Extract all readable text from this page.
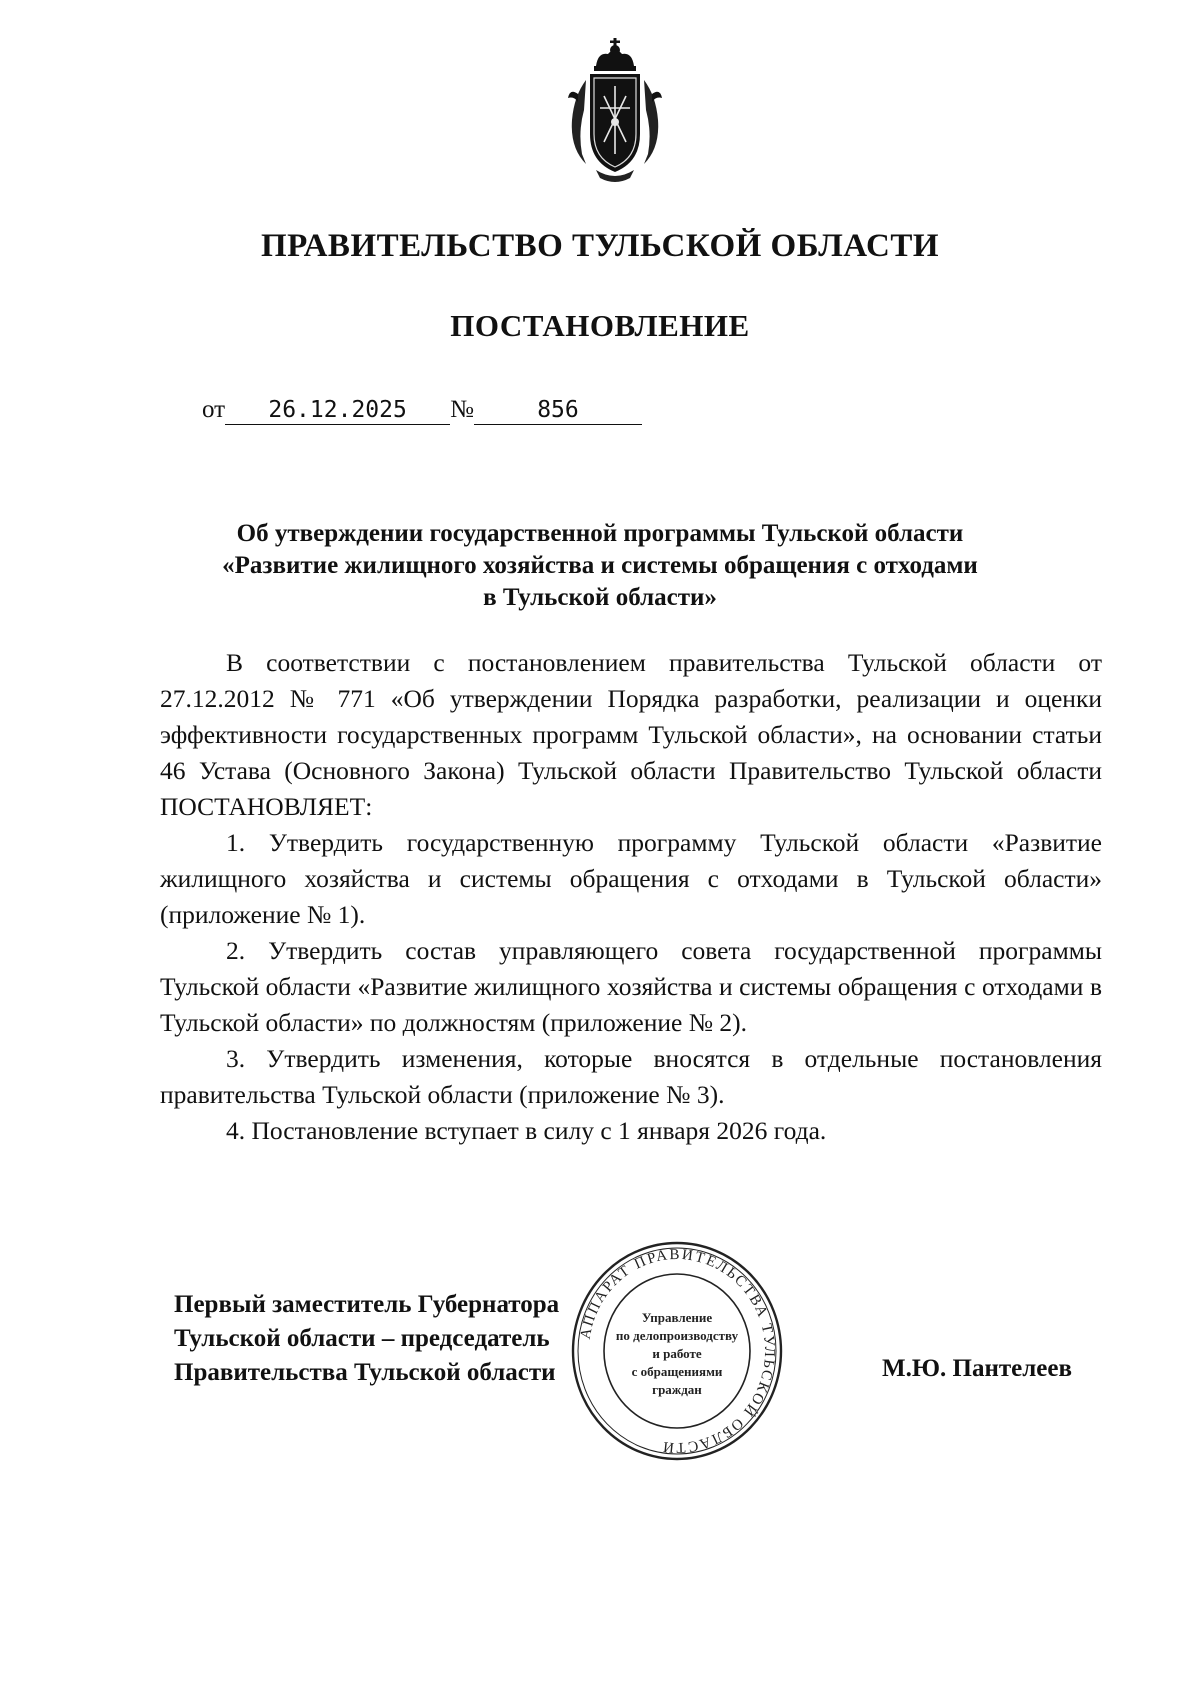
ПРАВИТЕЛЬСТВО ТУЛЬСКОЙ ОБЛАСТИ
ПОСТАНОВЛЕНИЕ
от 26.12.2025 №	856
Об утверждении государственной программы Тульской области
«Развитие жилищного хозяйства и системы обращения с отходами
в Тульской области»

В соответствии с постановлением правительства Тульской области от 27.12.2012 № 771 «Об утверждении Порядка разработки, реализации и оценки эффективности государственных программ Тульской области», на основании статьи 46 Устава (Основного Закона) Тульской области Правительство Тульской области ПОСТАНОВЛЯЕТ:

1. Утвердить государственную программу Тульской области «Развитие жилищного хозяйства и системы обращения с отходами в Тульской области» (приложение № 1).

2. Утвердить состав управляющего совета государственной программы Тульской области «Развитие жилищного хозяйства и системы обращения с отходами в Тульской области» по должностям (приложение № 2).

3. Утвердить изменения, которые вносятся в отдельные постановления правительства Тульской области (приложение № 3).

4. Постановление вступает в силу с 1 января 2026 года.

Первый заместитель Губернатора
Тульской области – председатель
Правительства Тульской области
АППАРАТ ПРАВИТЕЛЬСТВА ТУЛЬСКОЙ ОБЛАСТИ
Управление
по делопроизводству
и работе
с обращениями
граждан
М.Ю. Пантелеев
